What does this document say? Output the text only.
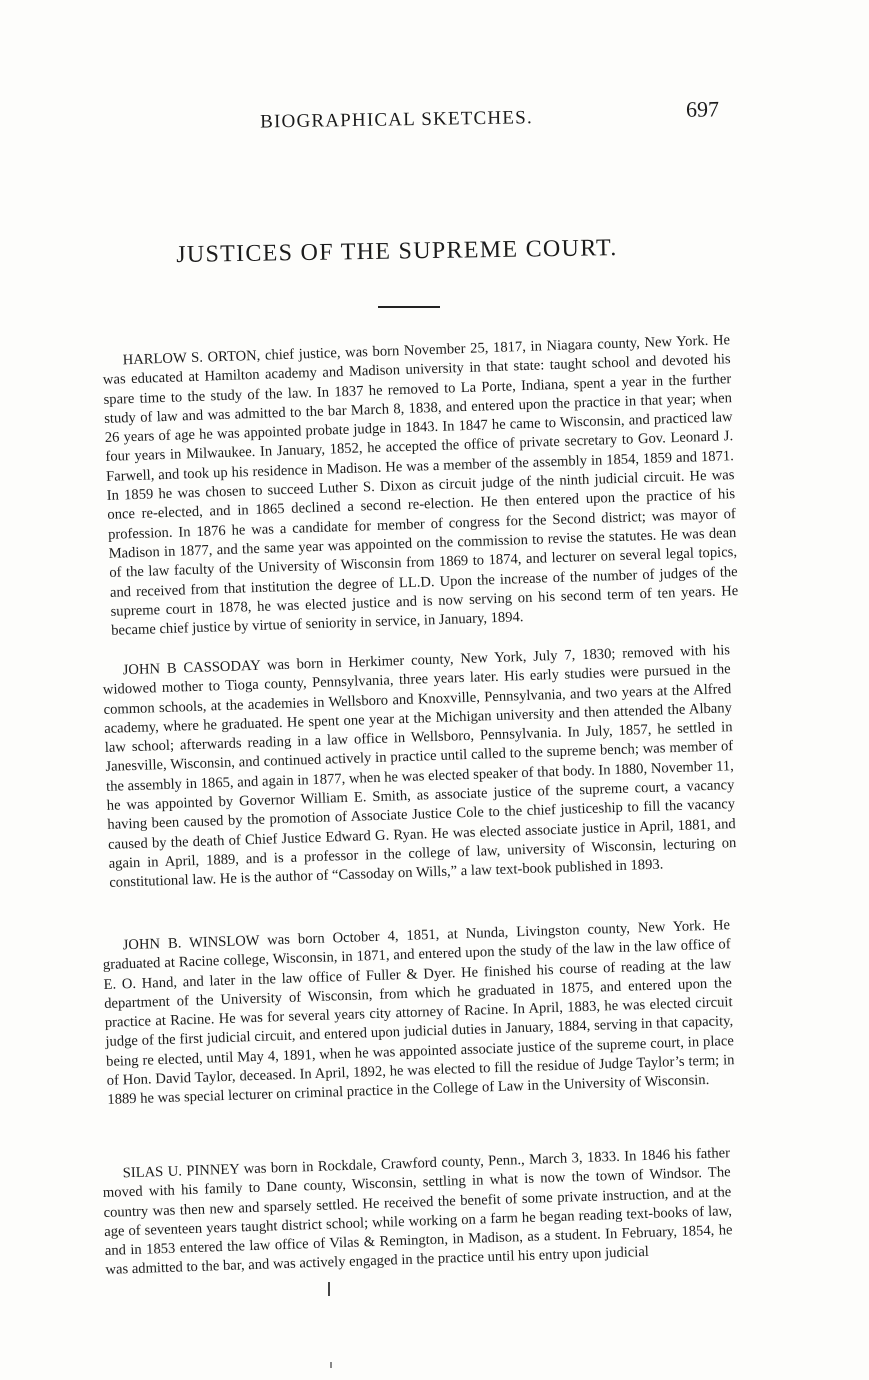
BIOGRAPHICAL SKETCHES.	697
JUSTICES OF THE SUPREME COURT.

HARLOW S. ORTON, chief justice, was born November 25, 1817, in Niagara county, New York. He was educated at Hamilton academy and Madison university in that state: taught school and devoted his spare time to the study of the law. In 1837 he removed to La Porte, Indiana, spent a year in the further study of law and was admitted to the bar March 8, 1838, and entered upon the practice in that year; when 26 years of age he was appointed probate judge in 1843. In 1847 he came to Wisconsin, and practiced law four years in Milwaukee. In January, 1852, he accepted the office of private secretary to Gov. Leonard J. Farwell, and took up his residence in Madison. He was a member of the assembly in 1854, 1859 and 1871. In 1859 he was chosen to succeed Luther S. Dixon as circuit judge of the ninth judicial circuit. He was once re-elected, and in 1865 declined a second re-election. He then entered upon the practice of his profession. In 1876 he was a candidate for member of congress for the Second district; was mayor of Madison in 1877, and the same year was appointed on the commission to revise the statutes. He was dean of the law faculty of the University of Wisconsin from 1869 to 1874, and lecturer on several legal topics, and received from that institution the degree of LL.D. Upon the increase of the number of judges of the supreme court in 1878, he was elected justice and is now serving on his second term of ten years. He became chief justice by virtue of seniority in service, in January, 1894.

JOHN B CASSODAY was born in Herkimer county, New York, July 7, 1830; removed with his widowed mother to Tioga county, Pennsylvania, three years later. His early studies were pursued in the common schools, at the academies in Wellsboro and Knoxville, Pennsylvania, and two years at the Alfred academy, where he graduated. He spent one year at the Michigan university and then attended the Albany law school; afterwards reading in a law office in Wellsboro, Pennsylvania. In July, 1857, he settled in Janesville, Wisconsin, and continued actively in practice until called to the supreme bench; was member of the assembly in 1865, and again in 1877, when he was elected speaker of that body. In 1880, November 11, he was appointed by Governor William E. Smith, as associate justice of the supreme court, a vacancy having been caused by the promotion of Associate Justice Cole to the chief justiceship to fill the vacancy caused by the death of Chief Justice Edward G. Ryan. He was elected associate justice in April, 1881, and again in April, 1889, and is a professor in the college of law, university of Wisconsin, lecturing on constitutional law. He is the author of “Cassoday on Wills,” a law text-book published in 1893.

JOHN B. WINSLOW was born October 4, 1851, at Nunda, Livingston county, New York. He graduated at Racine college, Wisconsin, in 1871, and entered upon the study of the law in the law office of E. O. Hand, and later in the law office of Fuller & Dyer. He finished his course of reading at the law department of the University of Wisconsin, from which he graduated in 1875, and entered upon the practice at Racine. He was for several years city attorney of Racine. In April, 1883, he was elected circuit judge of the first judicial circuit, and entered upon judicial duties in January, 1884, serving in that capacity, being re elected, until May 4, 1891, when he was appointed associate justice of the supreme court, in place of Hon. David Taylor, deceased. In April, 1892, he was elected to fill the residue of Judge Taylor’s term; in 1889 he was special lecturer on criminal practice in the College of Law in the University of Wisconsin.

SILAS U. PINNEY was born in Rockdale, Crawford county, Penn., March 3, 1833. In 1846 his father moved with his family to Dane county, Wisconsin, settling in what is now the town of Windsor. The country was then new and sparsely settled. He received the benefit of some private instruction, and at the age of seventeen years taught district school; while working on a farm he began reading text-books of law, and in 1853 entered the law office of Vilas & Remington, in Madison, as a student. In February, 1854, he was admitted to the bar, and was actively engaged in the practice until his entry upon judicial
